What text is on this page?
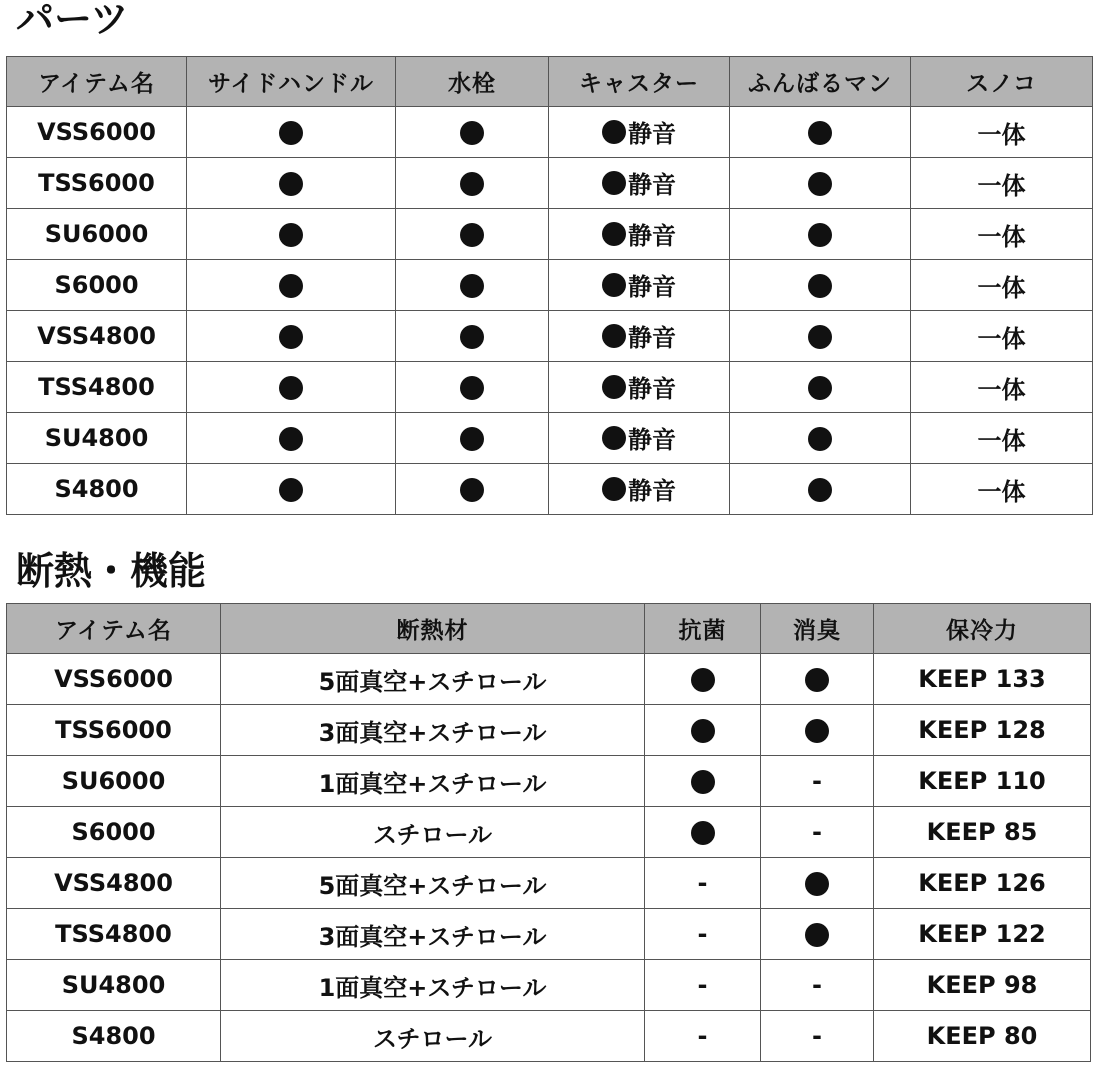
パーツ
アイテム名	サイドハンドル	水栓	キャスター	ふんばるマン	スノコ
VSS6000			静音		一体
TSS6000			静音		一体
SU6000			静音		一体
S6000			静音		一体
VSS4800			静音		一体
TSS4800			静音		一体
SU4800			静音		一体
S4800			静音		一体
断熱・機能
アイテム名	断熱材	抗菌	消臭	保冷力
VSS6000	5面真空+スチロール			KEEP 133
TSS6000	3面真空+スチロール			KEEP 128
SU6000	1面真空+スチロール		-	KEEP 110
S6000	スチロール		-	KEEP 85
VSS4800	5面真空+スチロール	-		KEEP 126
TSS4800	3面真空+スチロール	-		KEEP 122
SU4800	1面真空+スチロール	-	-	KEEP 98
S4800	スチロール	-	-	KEEP 80
